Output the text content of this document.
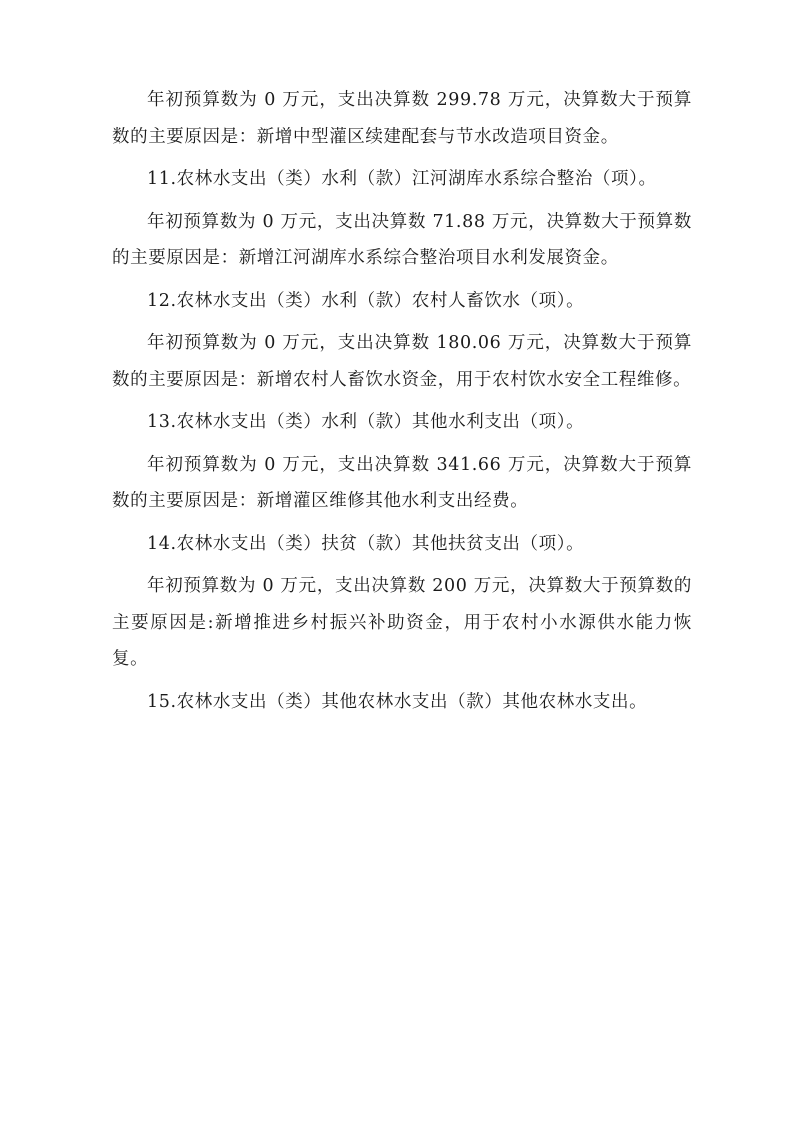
年初预算数为 0 万元，支出决算数 299.78 万元，决算数大于预算数的主要原因是：新增中型灌区续建配套与节水改造项目资金。

11.农林水支出（类）水利（款）江河湖库水系综合整治（项）。

年初预算数为 0 万元，支出决算数 71.88 万元，决算数大于预算数的主要原因是：新增江河湖库水系综合整治项目水利发展资金。

12.农林水支出（类）水利（款）农村人畜饮水（项）。

年初预算数为 0 万元，支出决算数 180.06 万元，决算数大于预算数的主要原因是：新增农村人畜饮水资金，用于农村饮水安全工程维修。

13.农林水支出（类）水利（款）其他水利支出（项）。

年初预算数为 0 万元，支出决算数 341.66 万元，决算数大于预算数的主要原因是：新增灌区维修其他水利支出经费。

14.农林水支出（类）扶贫（款）其他扶贫支出（项）。

年初预算数为 0 万元，支出决算数 200 万元，决算数大于预算数的主要原因是:新增推进乡村振兴补助资金，用于农村小水源供水能力恢复。

15.农林水支出（类）其他农林水支出（款）其他农林水支出。
